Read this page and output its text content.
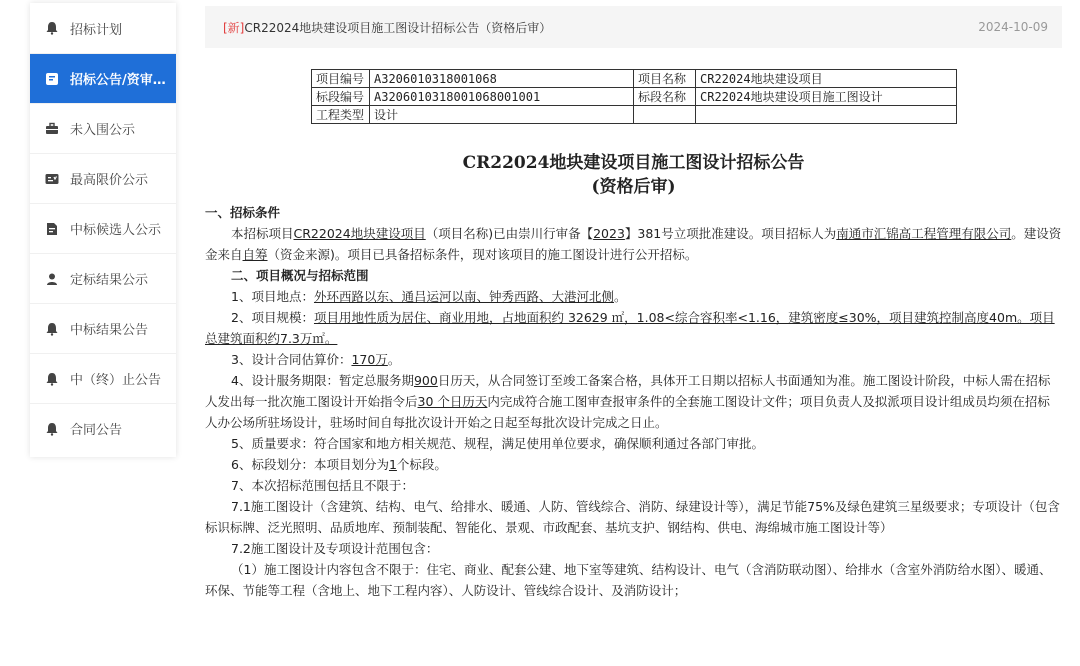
招标计划
招标公告/资审…
未入围公示
最高限价公示
中标候选人公示
定标结果公示
中标结果公告
中（终）止公告
合同公告
[新]CR22024地块建设项目施工图设计招标公告（资格后审）	2024-10-09
项目编号	A3206010318001068	项目名称	CR22024地块建设项目
标段编号	A3206010318001068001001	标段名称	CR22024地块建设项目施工图设计
工程类型	设计		
CR22024地块建设项目施工图设计招标公告
(资格后审)

一、招标条件

本招标项目CR22024地块建设项目（项目名称)已由崇川行审备【2023】381号立项批准建设。项目招标人为南通市汇锦高工程管理有限公司。建设资金来自自筹（资金来源)。项目已具备招标条件，现对该项目的施工图设计进行公开招标。

二、项目概况与招标范围

1、项目地点：外环西路以东、通吕运河以南、钟秀西路、大港河北侧。

2、项目规模：项目用地性质为居住、商业用地，占地面积约 32629 ㎡，1.08<综合容积率<1.16，建筑密度≤30%，项目建筑控制高度40m。项目总建筑面积约7.3万㎡。

3、设计合同估算价：170万。

4、设计服务期限：暂定总服务期900日历天，从合同签订至竣工备案合格，具体开工日期以招标人书面通知为准。施工图设计阶段，中标人需在招标人发出每一批次施工图设计开始指令后30 个日历天内完成符合施工图审查报审条件的全套施工图设计文件；项目负责人及拟派项目设计组成员均须在招标人办公场所驻场设计，驻场时间自每批次设计开始之日起至每批次设计完成之日止。

5、质量要求：符合国家和地方相关规范、规程，满足使用单位要求，确保顺利通过各部门审批。

6、标段划分：本项目划分为1个标段。

7、本次招标范围包括且不限于：

7.1施工图设计（含建筑、结构、电气、给排水、暖通、人防、管线综合、消防、绿建设计等），满足节能75%及绿色建筑三星级要求；专项设计（包含标识标牌、泛光照明、品质地库、预制装配、智能化、景观、市政配套、基坑支护、钢结构、供电、海绵城市施工图设计等）

7.2施工图设计及专项设计范围包含：

（1）施工图设计内容包含不限于：住宅、商业、配套公建、地下室等建筑、结构设计、电气（含消防联动图）、给排水（含室外消防给水图）、暖通、环保、节能等工程（含地上、地下工程内容）、人防设计、管线综合设计、及消防设计；
